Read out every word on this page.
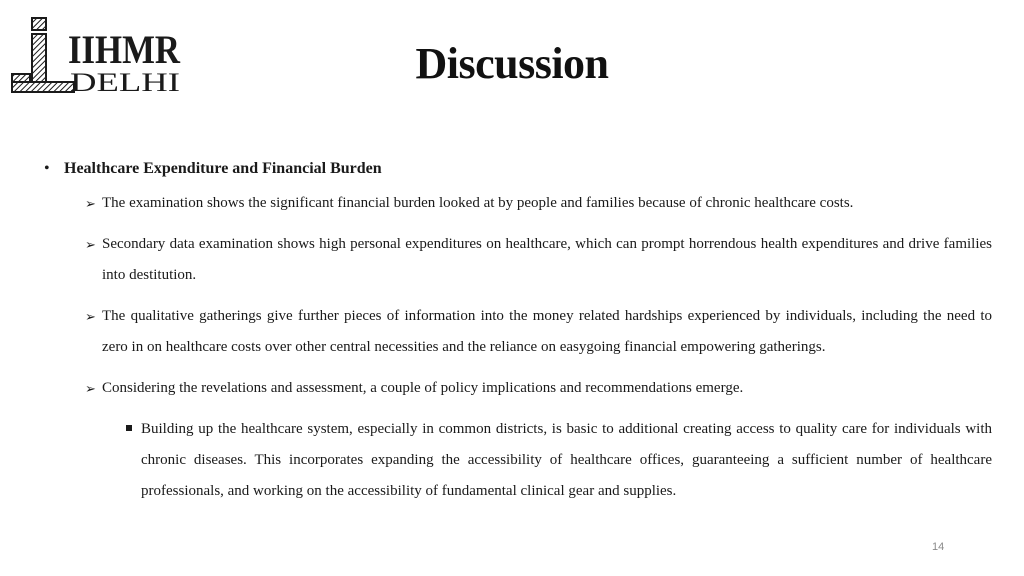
IIHMR
DELHI	Discussion
• Healthcare Expenditure and Financial Burden
➢ The examination shows the significant financial burden looked at by people and families because of chronic healthcare costs.
➢ Secondary data examination shows high personal expenditures on healthcare, which can prompt horrendous health expenditures and drive families into destitution.
➢ The qualitative gatherings give further pieces of information into the money related hardships experienced by individuals, including the need to zero in on healthcare costs over other central necessities and the reliance on easygoing financial empowering gatherings.
➢ Considering the revelations and assessment, a couple of policy implications and recommendations emerge.
Building up the healthcare system, especially in common districts, is basic to additional creating access to quality care for individuals with chronic diseases. This incorporates expanding the accessibility of healthcare offices, guaranteeing a sufficient number of healthcare professionals, and working on the accessibility of fundamental clinical gear and supplies.
14
